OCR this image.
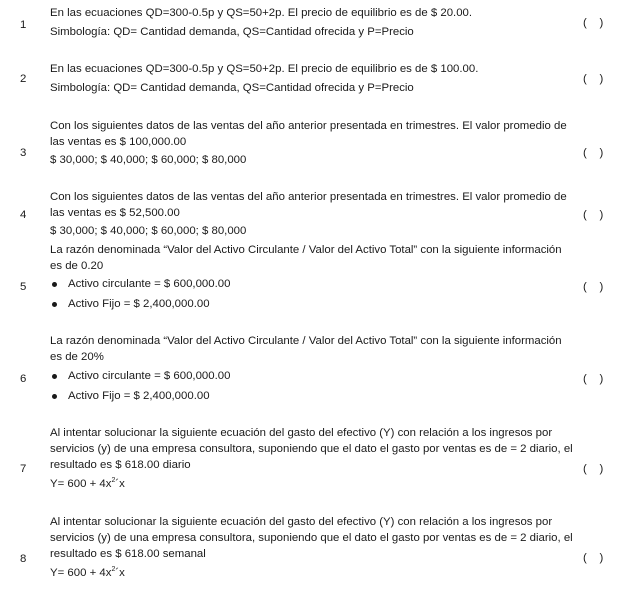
1
En las ecuaciones QD=300-0.5p y QS=50+2p. El precio de equilibrio es de $ 20.00.
Simbología: QD= Cantidad demanda, QS=Cantidad ofrecida y P=Precio
(    )
2
En las ecuaciones QD=300-0.5p y QS=50+2p. El precio de equilibrio es de $ 100.00.
Simbología: QD= Cantidad demanda, QS=Cantidad ofrecida y P=Precio
(    )
3
Con los siguientes datos de las ventas del año anterior presentada en trimestres. El valor promedio de las ventas es $ 100,000.00
$ 30,000; $ 40,000; $ 60,000; $ 80,000
(    )
4
Con los siguientes datos de las ventas del año anterior presentada en trimestres. El valor promedio de las ventas es $ 52,500.00
$ 30,000; $ 40,000; $ 60,000; $ 80,000
(    )
5
La razón denominada “Valor del Activo Circulante / Valor del Activo Total” con la siguiente información es de 0.20
Activo circulante = $ 600,000.00
Activo Fijo = $ 2,400,000.00
(    )
6
La razón denominada “Valor del Activo Circulante / Valor del Activo Total” con la siguiente información es de 20%
Activo circulante = $ 600,000.00
Activo Fijo = $ 2,400,000.00
(    )
7
Al intentar solucionar la siguiente ecuación del gasto del efectivo (Y) con relación a los ingresos por servicios (y) de una empresa consultora, suponiendo que el dato el gasto por ventas es de = 2 diario, el resultado es $ 618.00 diario
$Y= 600 + 4x^2´x$
(    )
8
Al intentar solucionar la siguiente ecuación del gasto del efectivo (Y) con relación a los ingresos por servicios (y) de una empresa consultora, suponiendo que el dato el gasto por ventas es de = 2 diario, el resultado es $ 618.00 semanal
$Y= 600 + 4x^2´x$
(    )
